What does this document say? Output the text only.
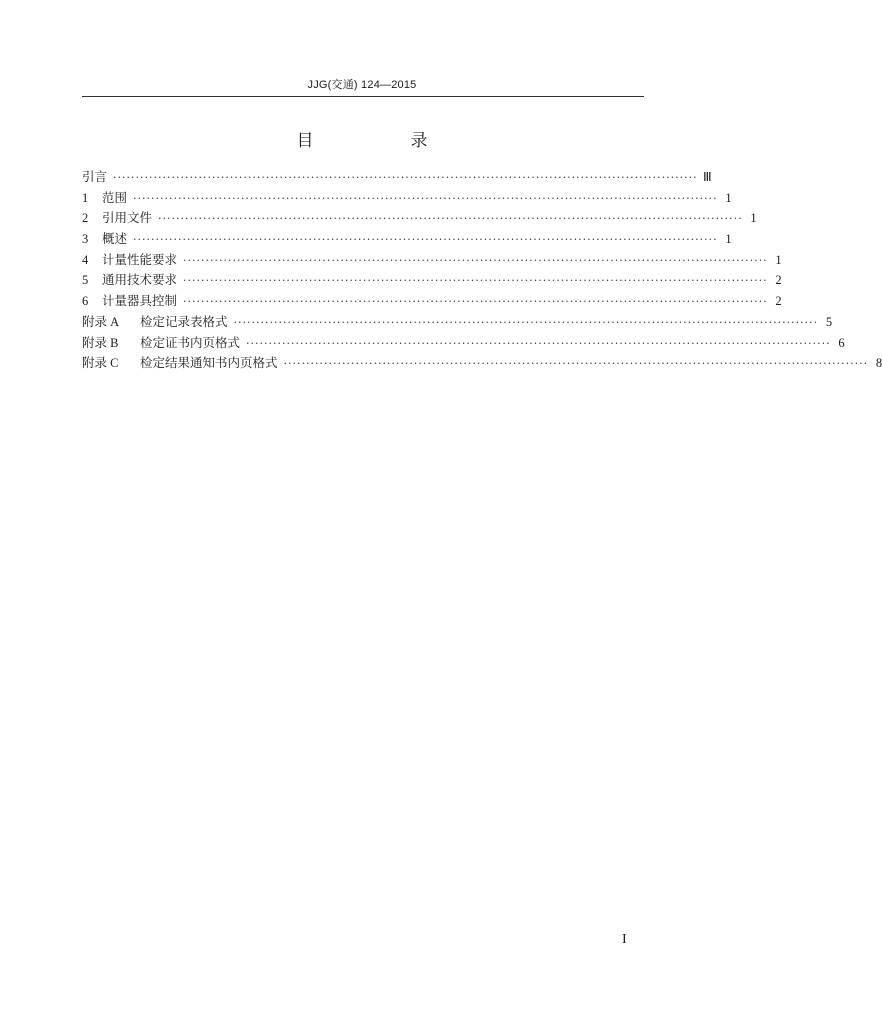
JJG(交通) 124—2015
目　录
引言 ·································································································································· Ⅲ
1	范围 ·································································································································· 1
2	引用文件 ·································································································································· 1
3	概述 ·································································································································· 1
4	计量性能要求 ·································································································································· 1
5	通用技术要求 ·································································································································· 2
6	计量器具控制 ·································································································································· 2
附录 A	检定记录表格式 ·································································································································· 5
附录 B	检定证书内页格式 ·································································································································· 6
附录 C	检定结果通知书内页格式 ·································································································································· 8
I
